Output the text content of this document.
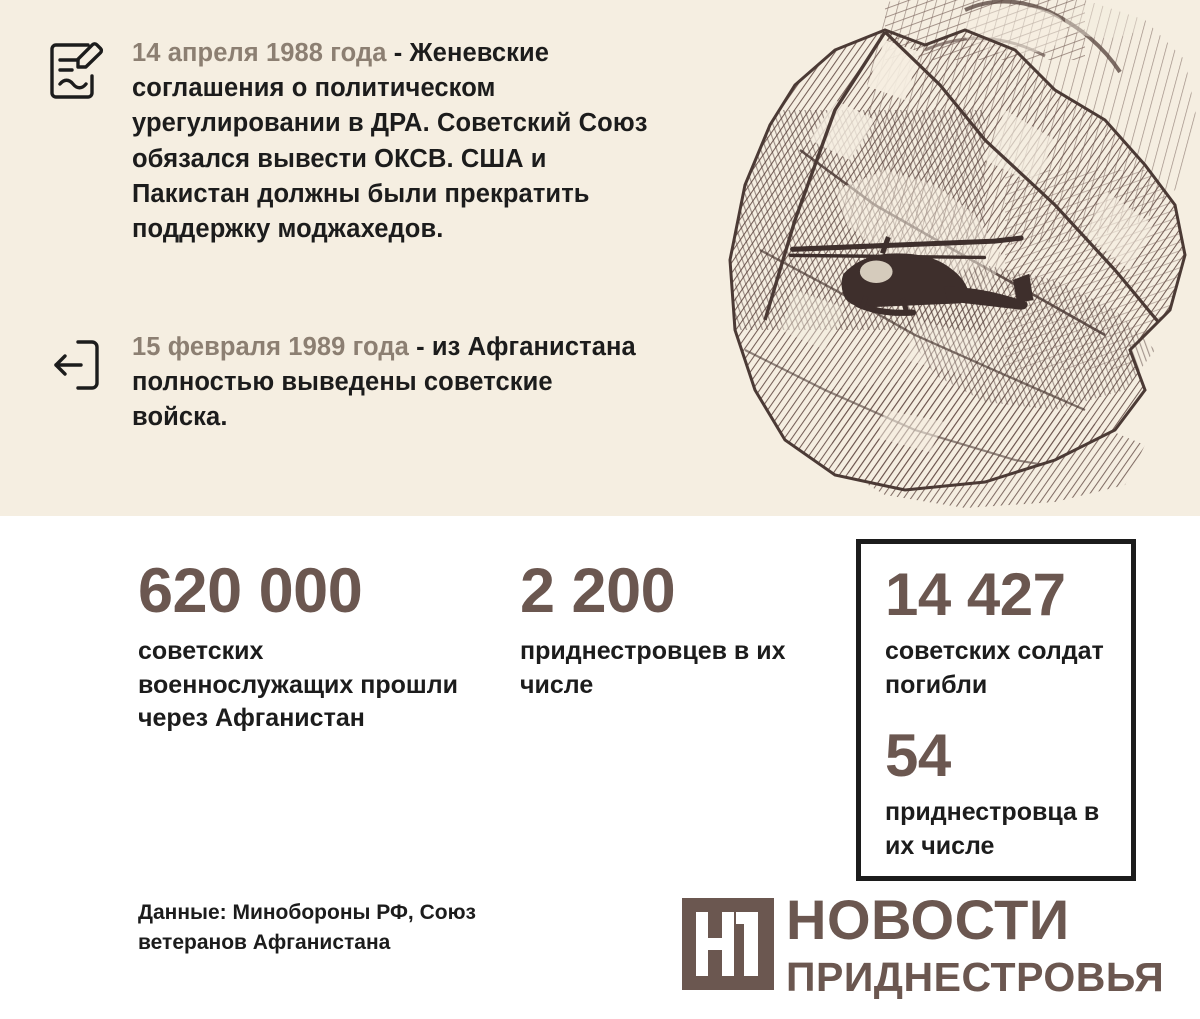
14 апреля 1988 года - Женевские соглашения о политическом урегулировании в ДРА. Советский Союз обязался вывести ОКСВ. США и Пакистан должны были прекратить поддержку моджахедов.
15 февраля 1989 года - из Афганистана полностью выведены советские войска.
620 000
советских военнослужащих прошли через Афганистан
2 200
приднестровцев в их числе
14 427
советских солдат погибли
54
приднестровца в их числе
Данные: Минобороны РФ, Союз ветеранов Афганистана	НОВОСТИ
ПРИДНЕСТРОВЬЯ
